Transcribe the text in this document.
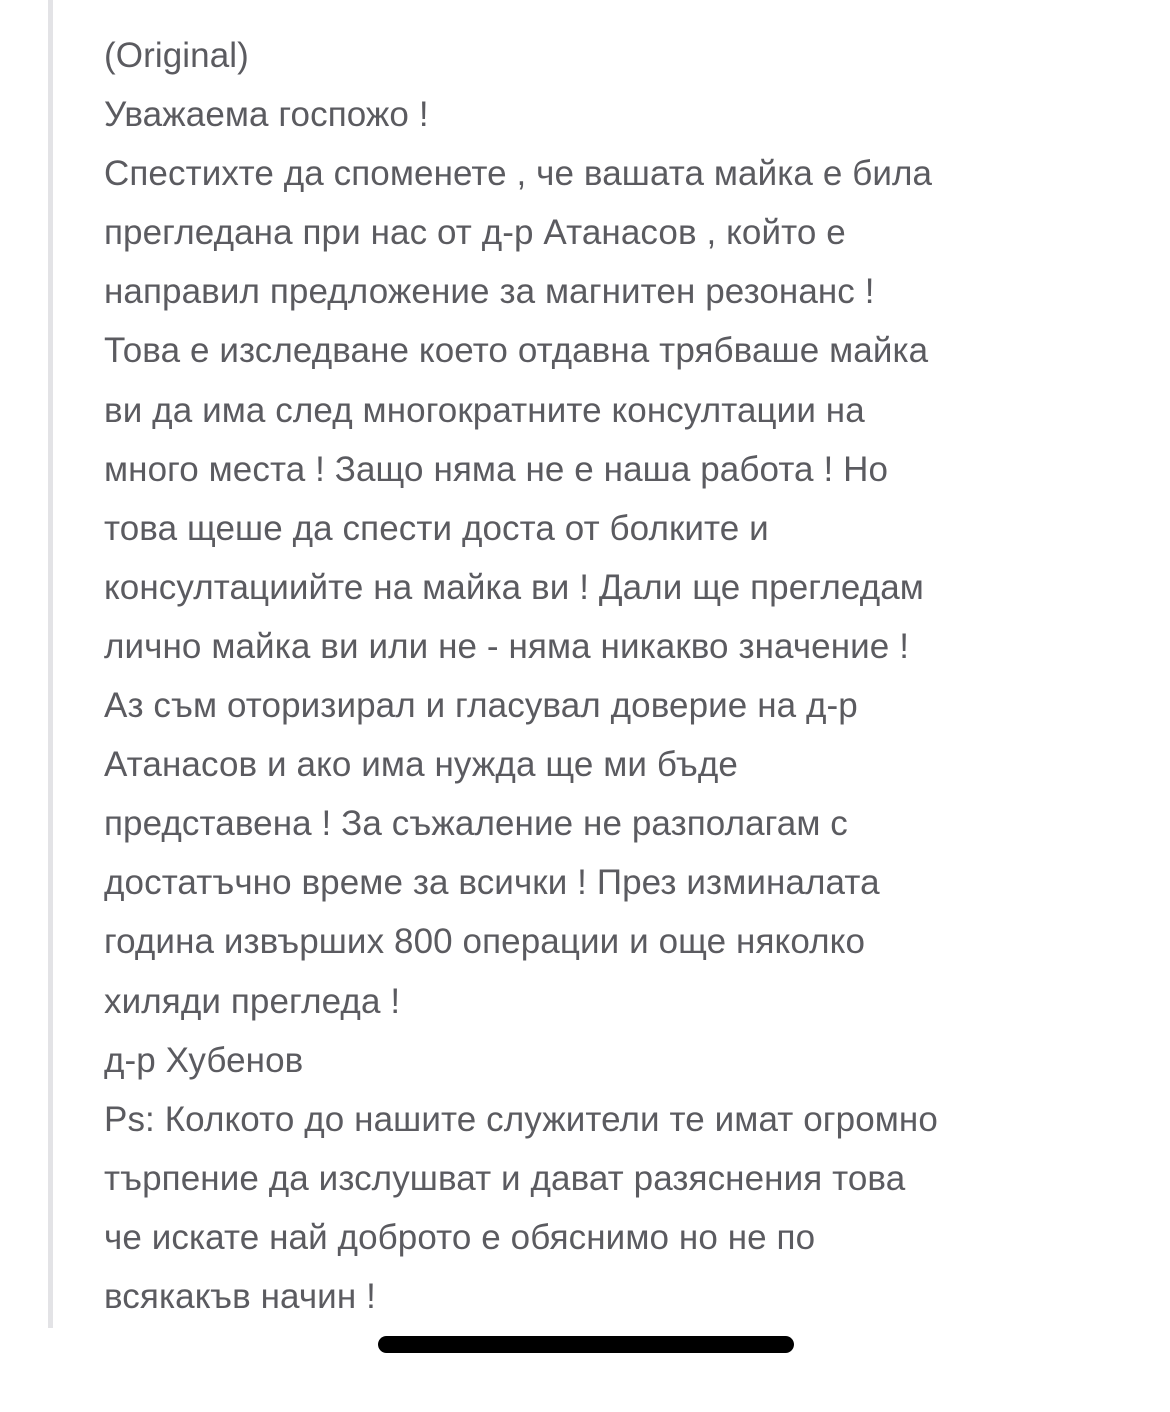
(Original)
Уважаема госпожо !
Спестихте да споменете , че вашата майка е била
прегледана при нас от д-р Атанасов , който е
направил предложение за магнитен резонанс !
Това е изследване което отдавна трябваше майка
ви да има след многократните консултации на
много места ! Защо няма не е наша работа ! Но
това щеше да спести доста от болките и
консултациийте на майка ви ! Дали ще прегледам
лично майка ви или не - няма никакво значение !
Аз съм оторизирал и гласувал доверие на д-р
Атанасов и ако има нужда ще ми бъде
представена ! За съжаление не разполагам с
достатъчно време за всички ! През изминалата
година извърших 800 операции и още няколко
хиляди прегледа !
д-р Хубенов
Ps: Колкото до нашите служители те имат огромно
търпение да изслушват и дават разяснения това
че искате най доброто е обяснимо но не по
всякакъв начин !
